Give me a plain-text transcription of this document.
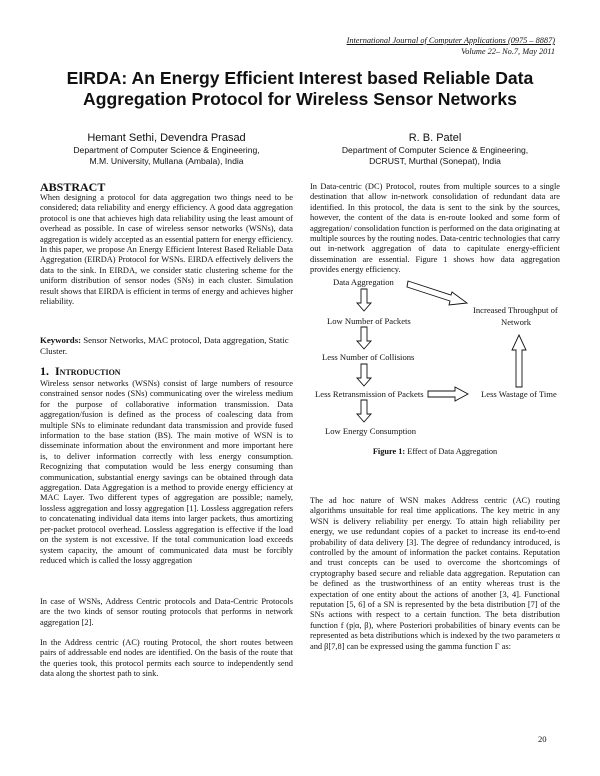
International Journal of Computer Applications (0975 – 8887)
Volume 22– No.7, May 2011
EIRDA: An Energy Efficient Interest based Reliable Data
Aggregation Protocol for Wireless Sensor Networks
Hemant Sethi, Devendra Prasad
Department of Computer Science & Engineering,
M.M. University, Mullana (Ambala), India
R. B. Patel
Department of Computer Science & Engineering,
DCRUST, Murthal (Sonepat), India
ABSTRACT
When designing a protocol for data aggregation two things need to be considered; data reliability and energy efficiency. A good data aggregation protocol is one that achieves high data reliability using the least amount of overhead as possible. In case of wireless sensor networks (WSNs), data aggregation is widely accepted as an essential pattern for energy efficiency. In this paper, we propose An Energy Efficient Interest Based Reliable Data Aggregation (EIRDA) Protocol for WSNs. EIRDA effectively delivers the data to the sink. In EIRDA, we consider static clustering scheme for the uniform distribution of sensor nodes (SNs) in each cluster. Simulation result shows that EIRDA is efficient in terms of energy and achieves higher reliability.
Keywords: Sensor Networks, MAC protocol, Data aggregation, Static Cluster.
1. Introduction
Wireless sensor networks (WSNs) consist of large numbers of resource constrained sensor nodes (SNs) communicating over the wireless medium for the purpose of collaborative information transmission. Data aggregation/fusion is defined as the process of coalescing data from multiple SNs to eliminate redundant data transmission and provide fused information to the base station (BS). The main motive of WSN is to disseminate information about the environment and more important here is, to deliver information correctly with less energy consumption. Recognizing that computation would be less energy consuming than communication, substantial energy savings can be obtained through data aggregation. Data Aggregation is a method to provide energy efficiency at MAC Layer. Two different types of aggregation are possible; namely, lossless aggregation and lossy aggregation [1]. Lossless aggregation refers to concatenating individual data items into larger packets, thus amortizing per-packet protocol overhead. Lossless aggregation is effective if the load on the system is not excessive. If the total communication load exceeds system capacity, the amount of communicated data must be forcibly reduced which is called the lossy aggregation
In case of WSNs, Address Centric protocols and Data-Centric Protocols are the two kinds of sensor routing protocols that performs in network aggregation [2].
In the Address centric (AC) routing Protocol, the short routes between pairs of addressable end nodes are identified. On the basis of the route that the queries took, this protocol permits each source to independently send data along the shortest path to sink.
In Data-centric (DC) Protocol, routes from multiple sources to a single destination that allow in-network consolidation of redundant data are identified. In this protocol, the data is sent to the sink by the sources, however, the content of the data is en-route looked and some form of aggregation/ consolidation function is performed on the data originating at multiple sources by the routing nodes. Data-centric technologies that carry out in-network aggregation of data to capitulate energy-efficient dissemination are essential. Figure 1 shows how data aggregation provides energy efficiency.
Data Aggregation
Low Number of Packets
Less Number of Collisions
Less Retransmission of Packets
Low Energy Consumption
Increased Throughput of
Network
Less Wastage of Time
Figure 1: Effect of Data Aggregation
The ad hoc nature of WSN makes Address centric (AC) routing algorithms unsuitable for real time applications. The key metric in any WSN is delivery reliability per energy. To attain high reliability per energy, we use redundant copies of a packet to increase its end-to-end probability of data delivery [3]. The degree of redundancy introduced, is controlled by the amount of information the packet contains. Reputation and trust concepts can be used to overcome the shortcomings of cryptography based secure and reliable data aggregation. Reputation can be defined as the trustworthiness of an entity whereas trust is the expectation of one entity about the actions of another [3, 4]. Functional reputation [5, 6] of a SN is represented by the beta distribution [7] of the SNs actions with respect to a certain function. The beta distribution function f (p|α, β), where Posteriori probabilities of binary events can be represented as beta distributions which is indexed by the two parameters α and β[7,8] can be expressed using the gamma function Γ as:
20
